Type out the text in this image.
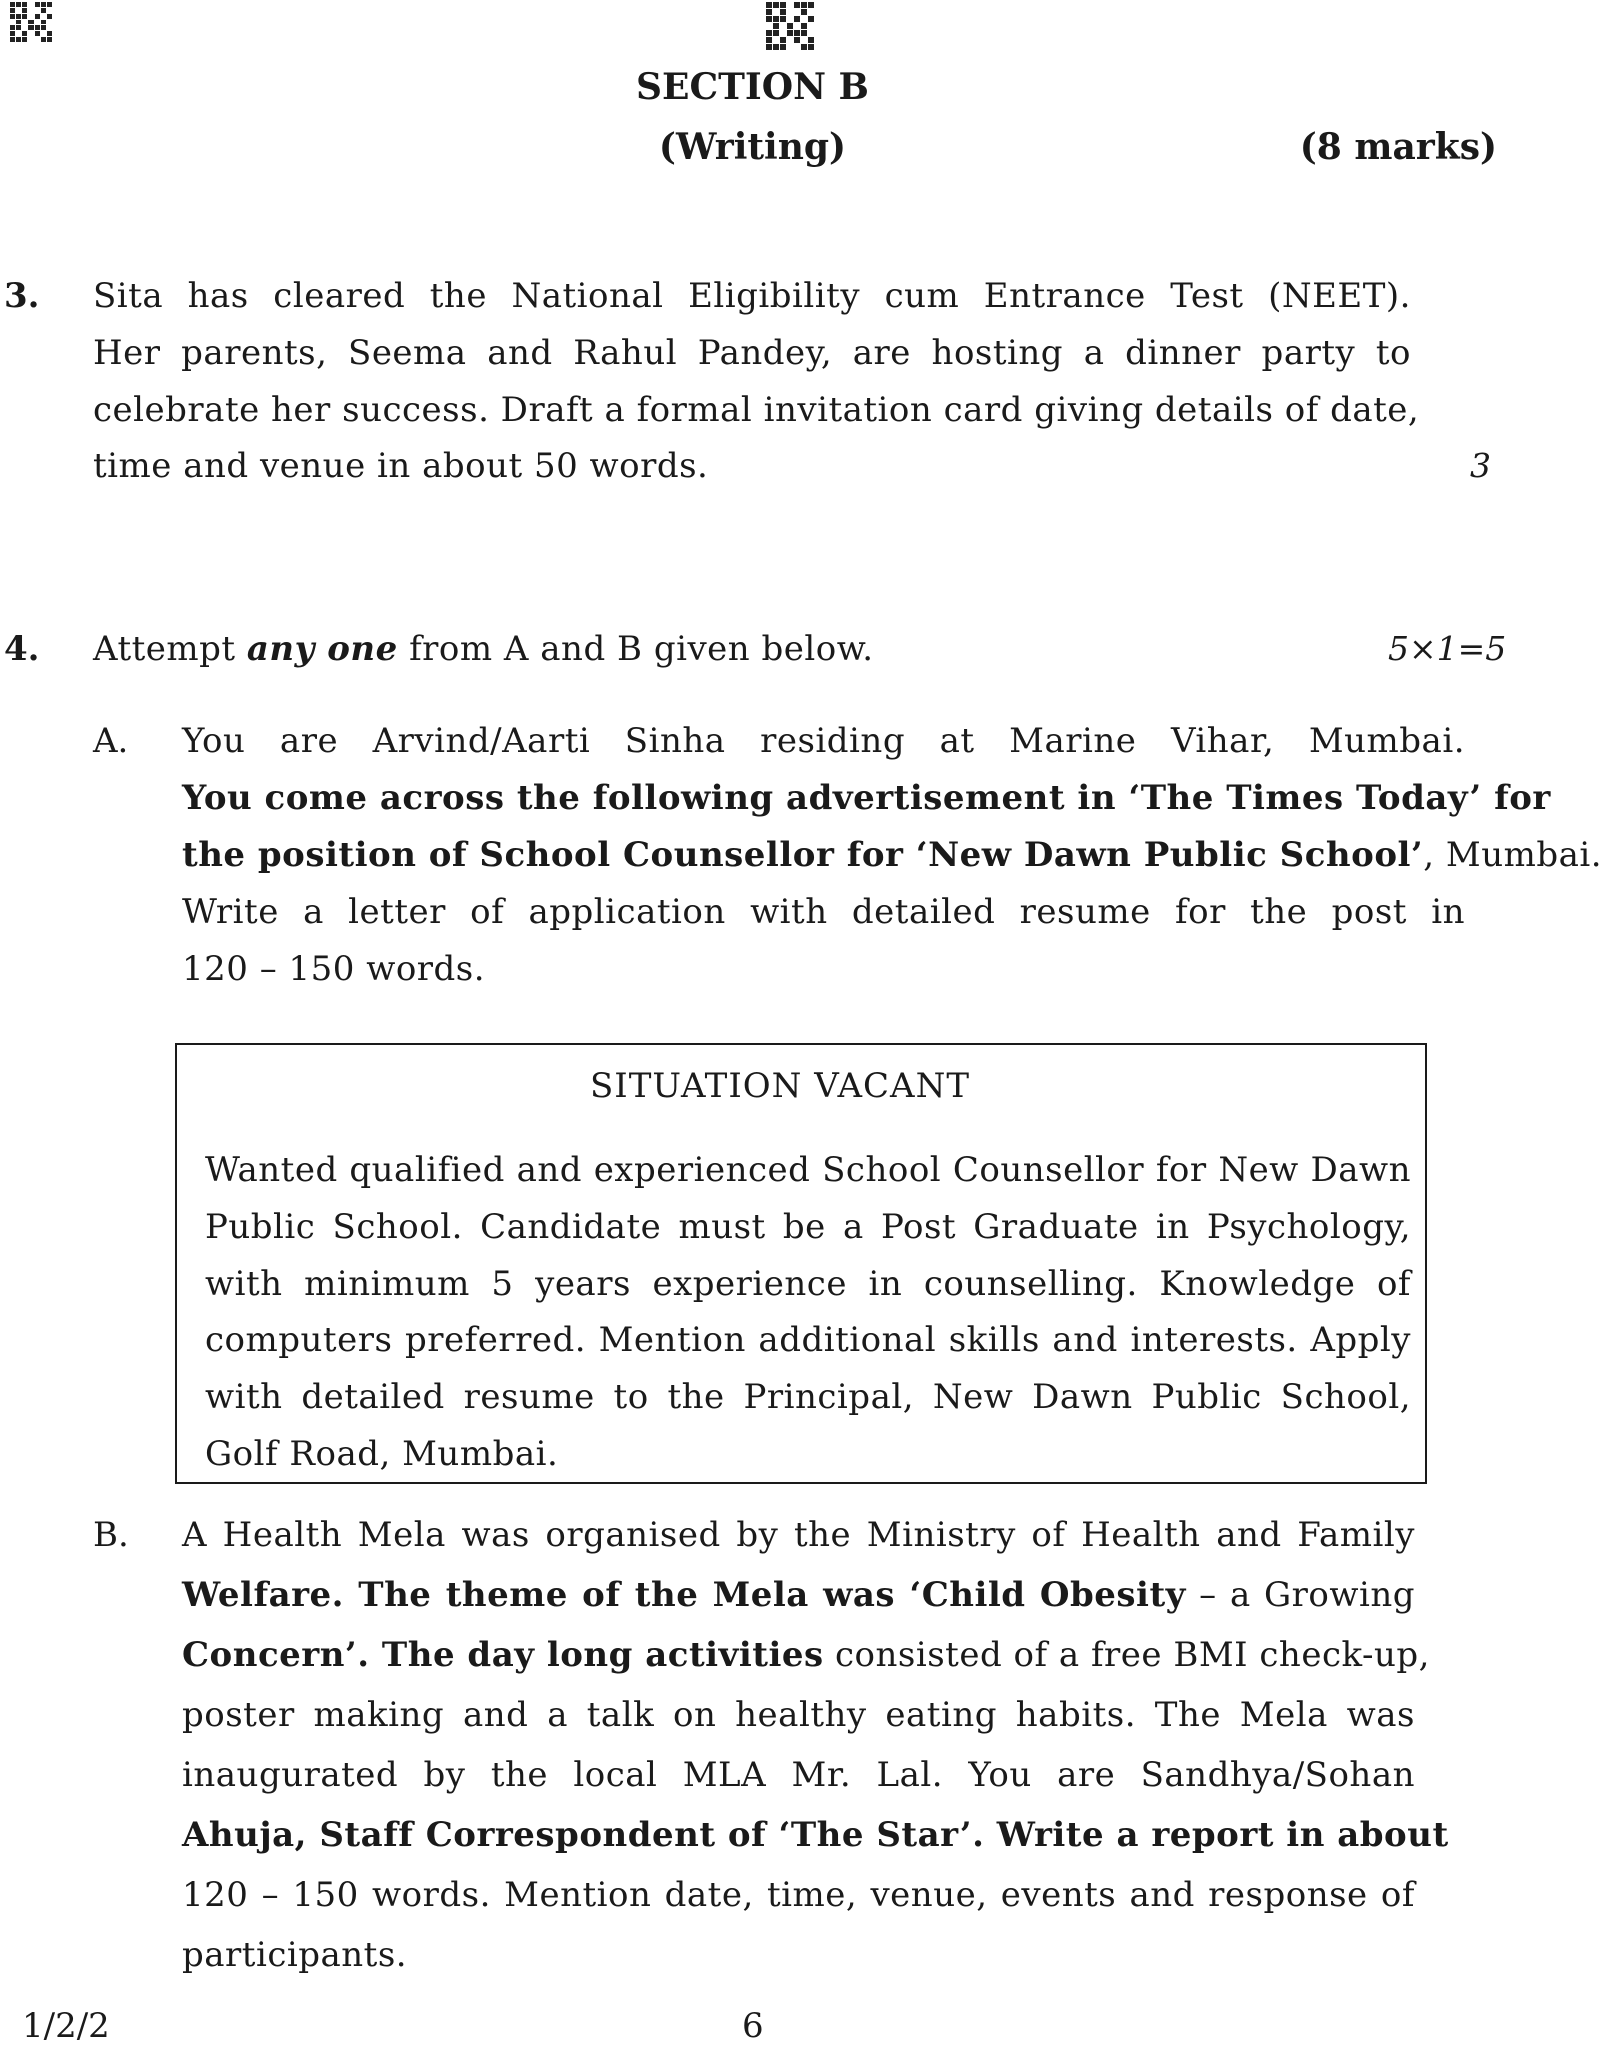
SECTION B
(Writing)	(8 marks)
3. Sita has cleared the National Eligibility cum Entrance Test (NEET).
Her parents, Seema and Rahul Pandey, are hosting a dinner party to
celebrate her success. Draft a formal invitation card giving details of date,
time and venue in about 50 words.	3
4. Attempt any one from A and B given below.	5×1=5
A. You are Arvind/Aarti Sinha residing at Marine Vihar, Mumbai.
You come across the following advertisement in ‘The Times Today’ for
the position of School Counsellor for ‘New Dawn Public School’, Mumbai.
Write a letter of application with detailed resume for the post in
120 – 150 words.
SITUATION VACANT
Wanted qualified and experienced School Counsellor for New Dawn
Public School. Candidate must be a Post Graduate in Psychology,
with minimum 5 years experience in counselling. Knowledge of
computers preferred. Mention additional skills and interests. Apply
with detailed resume to the Principal, New Dawn Public School,
Golf Road, Mumbai.
B. A Health Mela was organised by the Ministry of Health and Family
Welfare. The theme of the Mela was ‘Child Obesity – a Growing
Concern’. The day long activities consisted of a free BMI check-up,
poster making and a talk on healthy eating habits. The Mela was
inaugurated by the local MLA Mr. Lal. You are Sandhya/Sohan
Ahuja, Staff Correspondent of ‘The Star’. Write a report in about
120 – 150 words. Mention date, time, venue, events and response of
participants.
1/2/2	6
